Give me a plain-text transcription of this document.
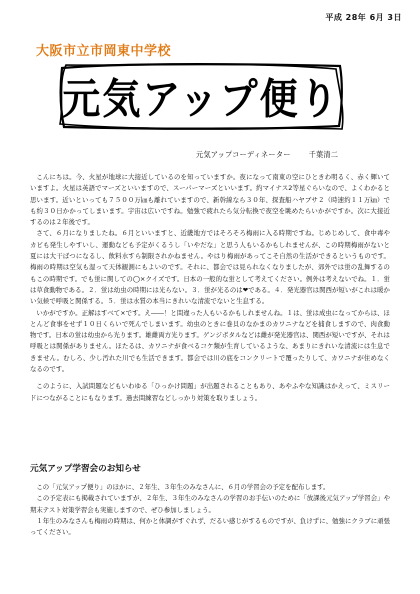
平成 28年 6月 3日
大阪市立市岡東中学校
元気アップ便り
元気アップコーディネーター	千葉清二

こんにちは。今、火星が地球に大接近しているのを知っていますか。夜になって南東の空にひときわ明るく、赤く輝いていますよ。火星は英語でマーズといいますので、スーパーマーズといいます。約マイナス2等星ぐらいなので、よくわかると思います。近いといっても７５００万㎞も離れていますので、新幹線なら３０年、探査船ハヤブサ２（時速約１１万㎞）でも約３０日かかってしまいます。宇宙は広いですね。勉強で疲れたら気分転換で夜空を眺めたらいかがですか。次に大接近するのは２年後です。

さて、６月になりましたね。６月といいますと、近畿地方ではそろそろ梅雨に入る時期ですね。じめじめして、食中毒やカビも発生しやすいし、運動なども予定がくるうし「いやだな」と思う人もいるかもしれませんが、この時期梅雨がないと夏には大干ばつになるし、飲料水すら制限されかねません。やはり梅雨があってこそ自然の生活ができるというものです。梅雨の時期は空気も湿って天体観測にもよいのです。それに、都会では見られなくなりましたが、郊外では蛍の乱舞するのもこの時期です。でも蛍に関しての◯×クイズです。日本の一般的な蛍として考えてください。例外は考えないでね。１．蛍は草食動物である。２．蛍は幼虫の時期には光らない。３．蛍が光るのは❤である。４．発光器官は関西が短いがこれは暖かい気候で呼吸と関係する。５．蛍は水質の本当にきれいな清流でないと生息する。

いかがですか。正解はすべて×です。え――！と問違った人もいるかもしれませんね。１は、蛍は成虫になってからは、ほとんど食事をせず１０日くらいで死んでしまいます。幼虫のときに巻貝のなかまのカワニナなどを捕食しますので、肉食動物です。日本の蛍は幼虫から光ります。雄雌両方光ります。ゲンジボタルなどは雌が発光器官は、関西が短いですが、それは呼吸とは関係がありません。ほたるは、カワニナが食べるコケ類が生育しているような、あまりにきれいな清流には生息できません。むしろ、少し汚れた川でも生活できます。都会では川の底をコンクリートで覆ったりして、カワニナが住めなくなるのです。

このように、入試問題などもいわゆる「ひっかけ問題」が出題されることもあり、あやふやな知識はかえって、ミスリードにつながることにもなります。過去問練習などしっかり対策を取りましょう。

元気アップ学習会のお知らせ

この「元気アップ便り」のほかに、２年生、３年生のみなさんに、６月の学習会の予定を配布します。

この予定表にも掲載されていますが、２年生、３年生のみなさんの学習のお手伝いのために「放課後元気アップ学習会」や期末テスト対策学習会も実施しますので、ぜひ参加しましょう。

１年生のみなさんも梅雨の時期は、何かと体調がすぐれず、だるい感じがするものですが、負けずに、勉強にクラブに頑張ってください。
